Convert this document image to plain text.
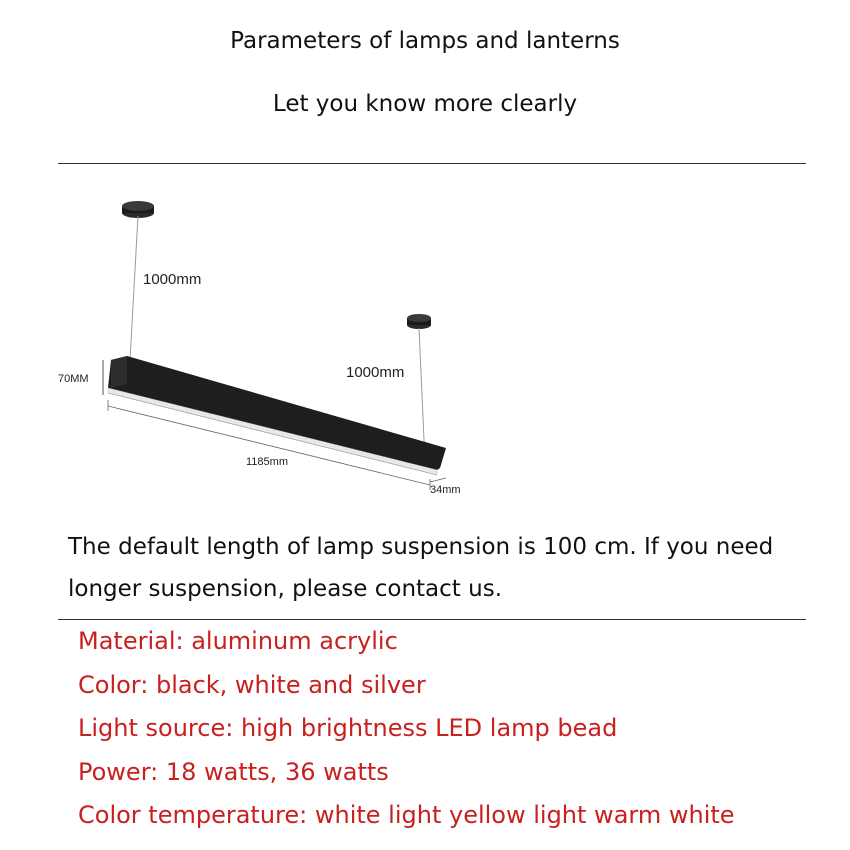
Parameters of lamps and lanterns
Let you know more clearly
1000mm
1000mm
70MM
1185mm
34mm
The default length of lamp suspension is 100 cm. If you need
longer suspension, please contact us.
Material: aluminum acrylic
Color: black, white and silver
Light source: high brightness LED lamp bead
Power: 18 watts, 36 watts
Color temperature: white light yellow light warm white
